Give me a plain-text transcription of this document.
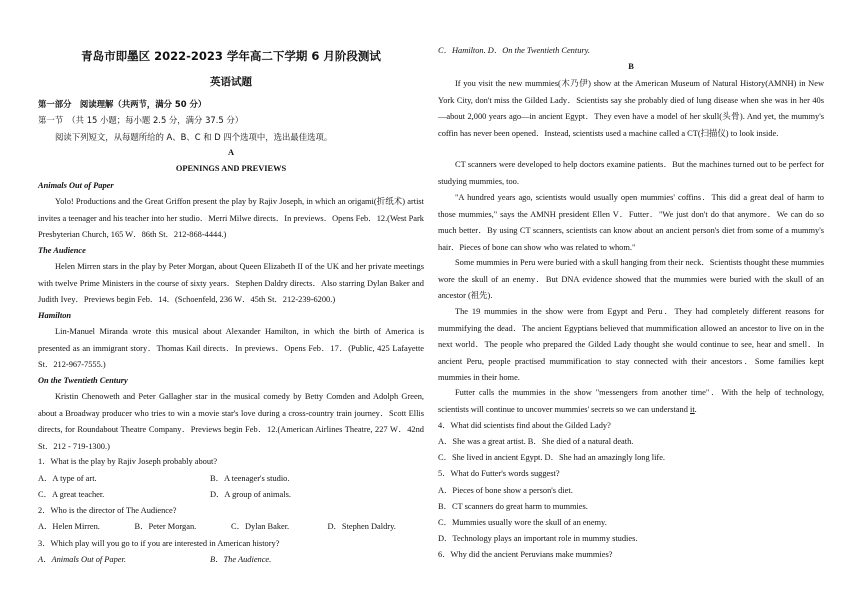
青岛市即墨区 2022-2023 学年高二下学期 6 月阶段测试
英语试题
第一部分　阅读理解（共两节，满分 50 分）
第一节　（共 15 小题；每小题 2.5 分，满分 37.5 分）
阅读下列短文，从每题所给的 A、B、C 和 D 四个选项中，选出最佳选项。
A
OPENINGS AND PREVIEWS
Animals Out of Paper
Yolo! Productions and the Great Griffon present the play by Rajiv Joseph, in which an origami(折纸术) artist invites a teenager and his teacher into her studio．Merri Milwe directs．In previews．Opens Feb．12.(West Park Presbyterian Church, 165 W．86th St．212-868-4444.)
The Audience
Helen Mirren stars in the play by Peter Morgan, about Queen Elizabeth II of the UK and her private meetings with twelve Prime Ministers in the course of sixty years．Stephen Daldry directs．Also starring Dylan Baker and Judith Ivey．Previews begin Feb．14．(Schoenfeld, 236 W．45th St．212-239-6200.)
Hamilton
Lin-Manuel Miranda wrote this musical about Alexander Hamilton, in which the birth of America is presented as an immigrant story．Thomas Kail directs．In previews．Opens Feb．17．(Public, 425 Lafayette St．212-967-7555.)
On the Twentieth Century
Kristin Chenoweth and Peter Gallagher star in the musical comedy by Betty Comden and Adolph Green, about a Broadway producer who tries to win a movie star's love during a cross-country train journey．Scott Ellis directs, for Roundabout Theatre Company．Previews begin Feb．12.(American Airlines Theatre, 227 W．42nd St．212 - 719-1300.)
1．What is the play by Rajiv Joseph probably about?
A．A type of art.	B．A teenager's studio.
C．A great teacher.	D．A group of animals.
2．Who is the director of The Audience?
A．Helen Mirren.	B．Peter Morgan.	C．Dylan Baker.	D．Stephen Daldry.
3．Which play will you go to if you are interested in American history?
A．Animals Out of Paper.	B．The Audience.
C．Hamilton. D．On the Twentieth Century.
B
If you visit the new mummies(木乃伊) show at the American Museum of Natural History(AMNH) in New York City, don't miss the Gilded Lady．Scientists say she probably died of lung disease when she was in her 40s—about 2,000 years ago—in ancient Egypt．They even have a model of her skull(头骨). And yet, the mummy's coffin has never been opened．Instead, scientists used a machine called a CT(扫描仪) to look inside.
CT scanners were developed to help doctors examine patients．But the machines turned out to be perfect for studying mummies, too.
"A hundred years ago, scientists would usually open mummies' coffins．This did a great deal of harm to those mummies," says the AMNH president Ellen V．Futter．"We just don't do that anymore．We can do so much better．By using CT scanners, scientists can know about an ancient person's diet from some of a mummy's hair．Pieces of bone can show who was related to whom."
Some mummies in Peru were buried with a skull hanging from their neck．Scientists thought these mummies wore the skull of an enemy．But DNA evidence showed that the mummies were buried with the skull of an ancestor (祖先).
The 19 mummies in the show were from Egypt and Peru．They had completely different reasons for mummifying the dead．The ancient Egyptians believed that mummification allowed an ancestor to live on in the next world．The people who prepared the Gilded Lady thought she would continue to see, hear and smell．In ancient Peru, people practised mummification to stay connected with their ancestors．Some families kept mummies in their home.
Futter calls the mummies in the show "messengers from another time"．With the help of technology, scientists will continue to uncover mummies' secrets so we can understand it.
4．What did scientists find about the Gilded Lady?
A．She was a great artist. B．She died of a natural death.
C．She lived in ancient Egypt. D．She had an amazingly long life.
5．What do Futter's words suggest?
A．Pieces of bone show a person's diet.
B．CT scanners do great harm to mummies.
C．Mummies usually wore the skull of an enemy.
D．Technology plays an important role in mummy studies.
6．Why did the ancient Peruvians make mummies?
